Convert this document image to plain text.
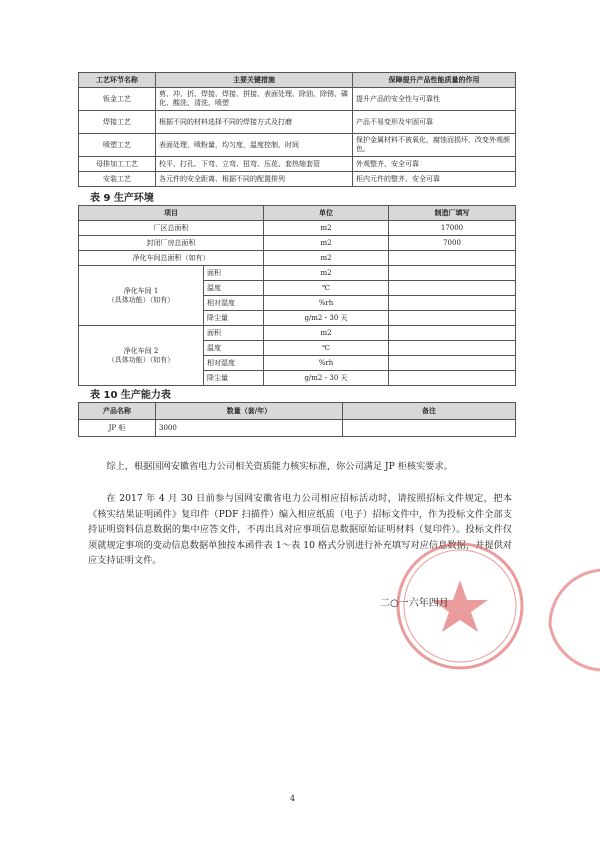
工艺环节名称	主要关键措施	保障提升产品性能质量的作用
钣金工艺	剪、冲、折、焊接、焊接、拼接、表面处理、除油、除锈、磷化、酸洗、清洗、喷塑	提升产品的安全性与可靠性
焊接工艺	根据不同的材料选择不同的焊接方式及打磨	产品不易变形及牢固可靠
喷塑工艺	表面处理，喷粉量，均匀度，温度控制，时间	保护金属材料不被氧化，腐蚀而损坏，改变外观颜色。
母排加工工艺	校平、打孔、下弯、立弯、扭弯、压花、套热缩套管	外观整齐、安全可靠
安装工艺	各元件的安全距离、根据不同的配置排列	柜内元件的整齐、安全可靠
表 9 生产环境
项目		单位	制造厂填写
厂区总面积		m2	17000
封闭厂房总面积		m2	7000
净化车间总面积（如有）		m2	
净化车间 1
（具体功能）（如有）	面积	m2	
	温度	℃	
	相对湿度	%rh	
	降尘量	g/m2・30 天	
净化车间 2
（具体功能）（如有）	面积	m2	
	温度	℃	
	相对湿度	%rh	
	降尘量	g/m2・30 天	
表 10 生产能力表
产品名称	数量（套/年）	备注
JP 柜	3000	
综上，根据国网安徽省电力公司相关资质能力核实标准，你公司满足 JP 柜核实要求。
在 2017 年 4 月 30 日前参与国网安徽省电力公司相应招标活动时，请按照招标文件规定，把本《核实结果证明函件》复印件（PDF 扫描件）编入相应纸质（电子）招标文件中，作为投标文件全部支持证明资料信息数据的集中应答文件，不再出具对应事项信息数据原始证明材料（复印件）。投标文件仅须就规定事项的变动信息数据单独按本函件表 1～表 10 格式分别进行补充填写对应信息数据，并提供对应支持证明文件。
二○一六年四月
4
